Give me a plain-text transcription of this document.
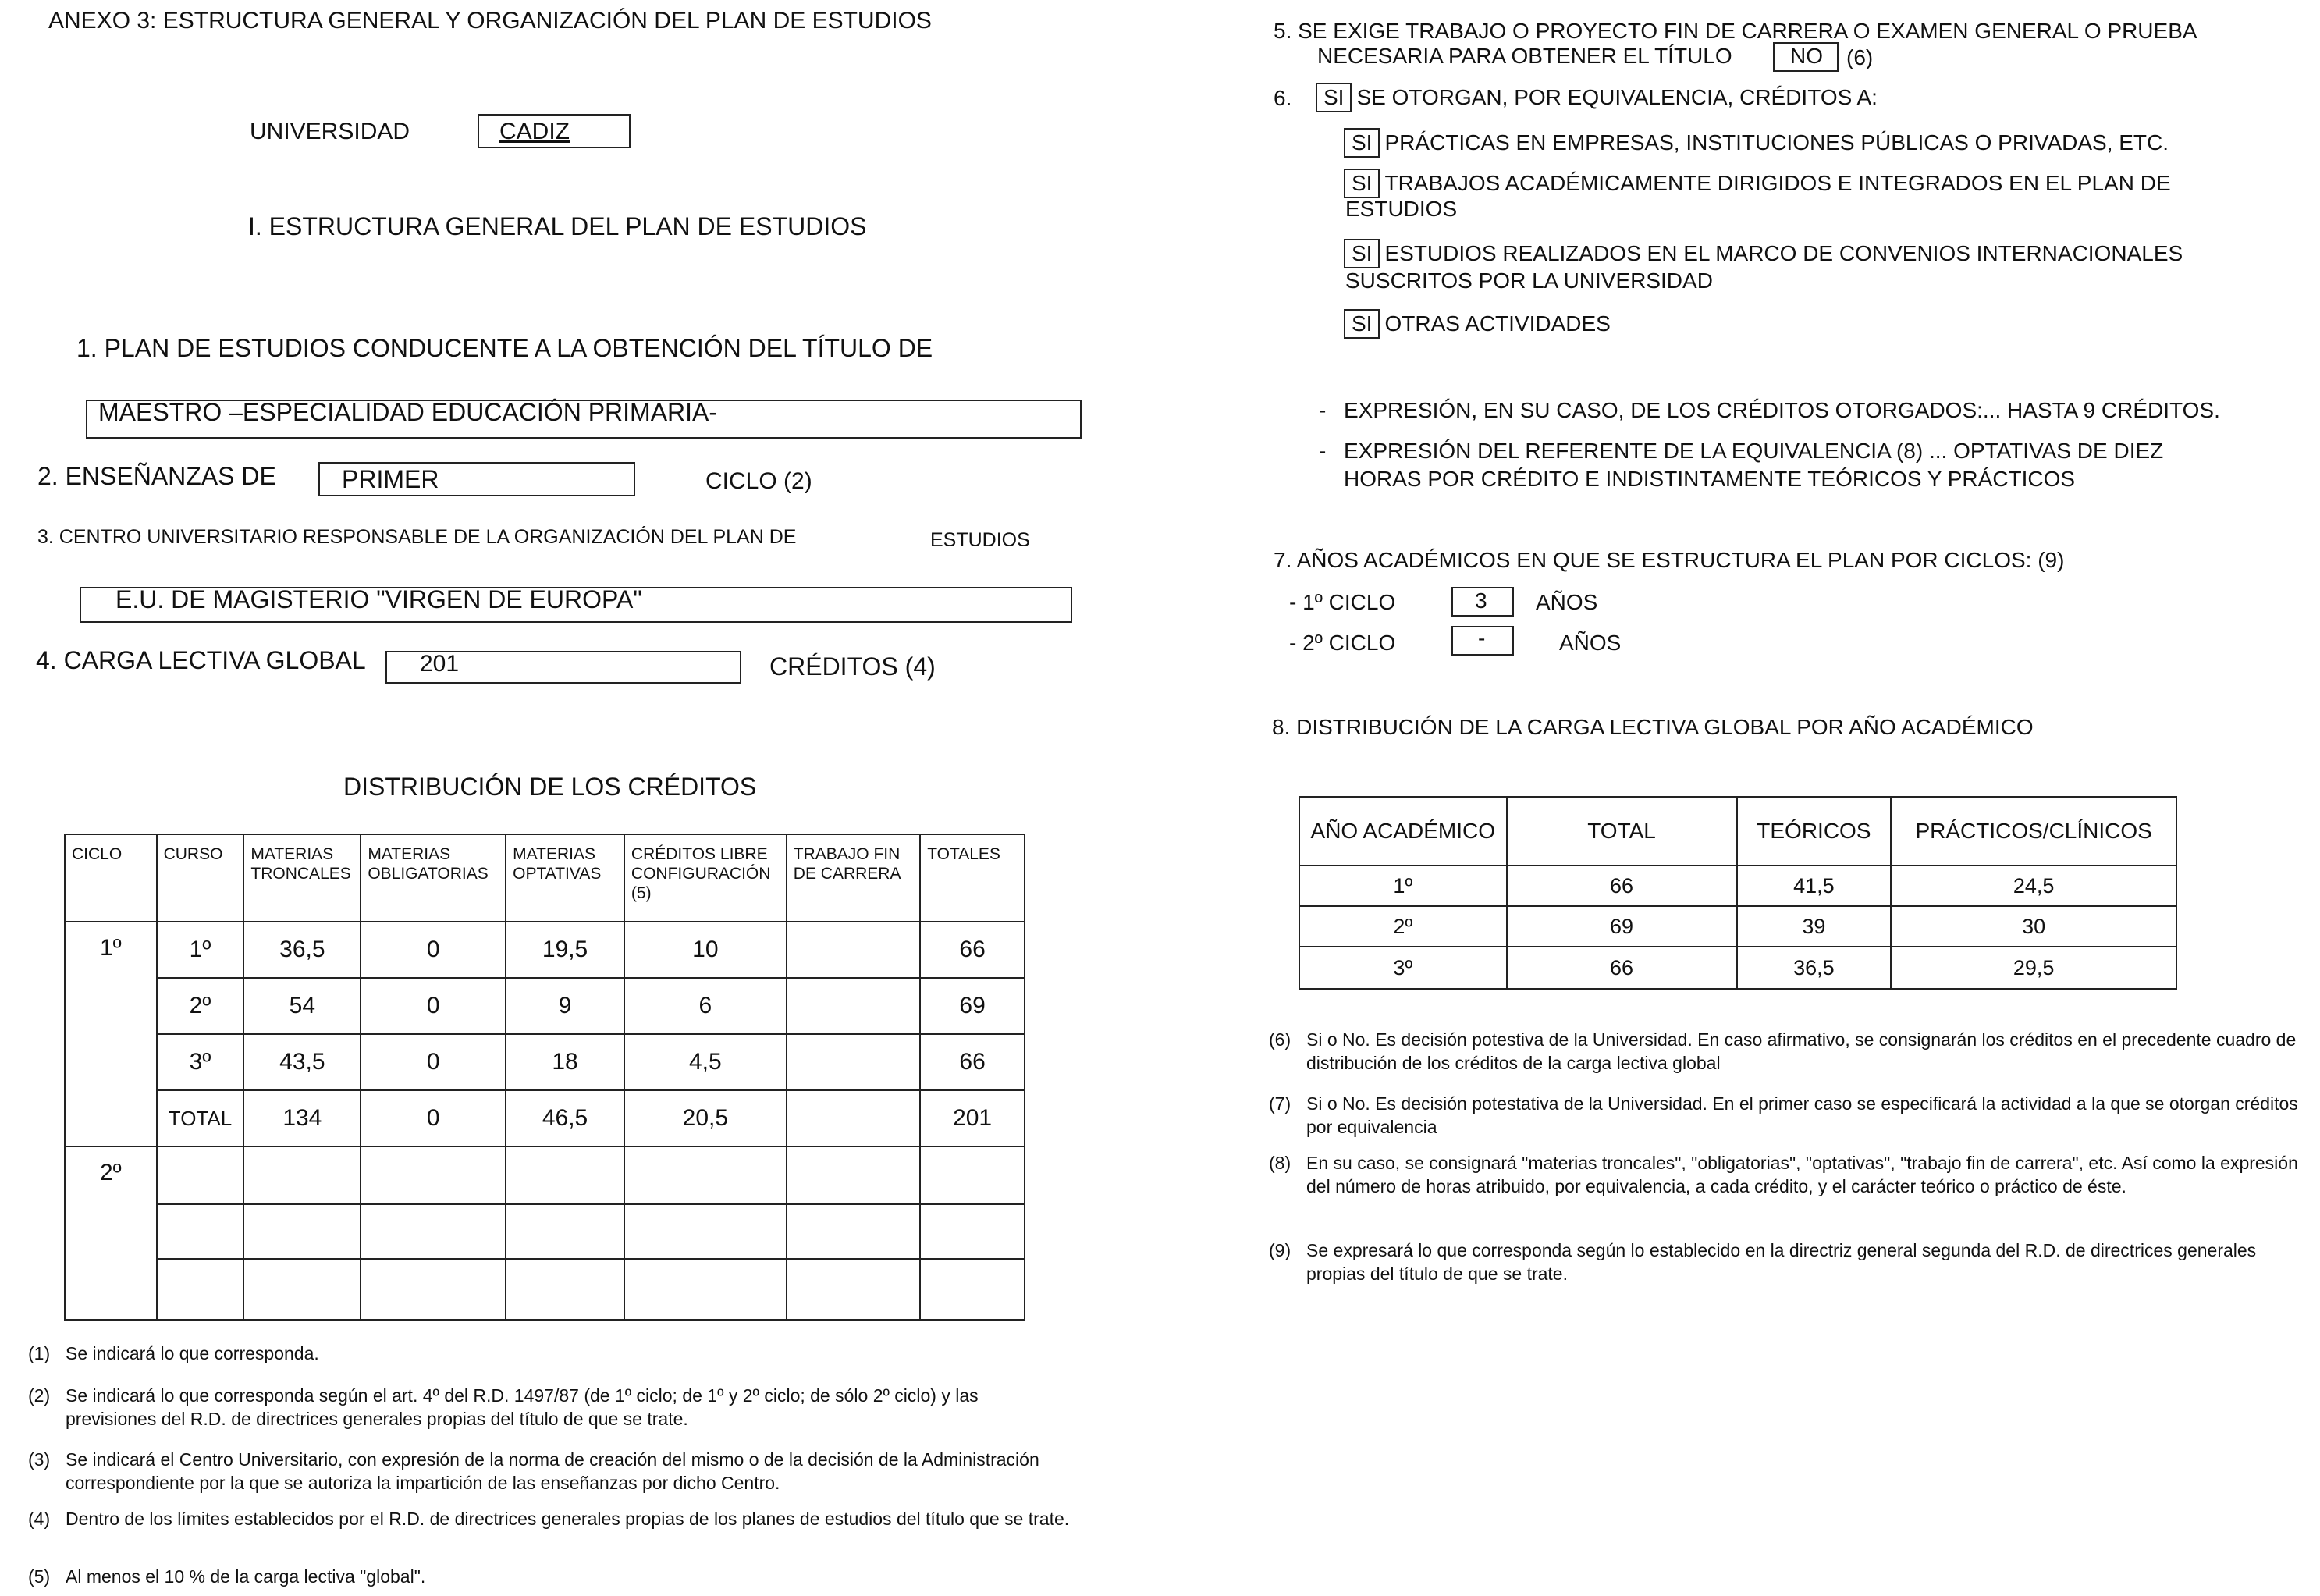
ANEXO 3: ESTRUCTURA GENERAL Y ORGANIZACIÓN DEL PLAN DE ESTUDIOS
UNIVERSIDAD	CADIZ
I. ESTRUCTURA GENERAL DEL PLAN DE ESTUDIOS
1. PLAN DE ESTUDIOS CONDUCENTE A LA OBTENCIÓN DEL TÍTULO DE
MAESTRO –ESPECIALIDAD EDUCACIÓN PRIMARIA-
2. ENSEÑANZAS DE	PRIMER	CICLO (2)
3. CENTRO UNIVERSITARIO RESPONSABLE DE LA ORGANIZACIÓN DEL PLAN DE	ESTUDIOS
E.U. DE MAGISTERIO "VIRGEN DE EUROPA"
4. CARGA LECTIVA GLOBAL 201	CRÉDITOS (4)
DISTRIBUCIÓN DE LOS CRÉDITOS
CICLO	CURSO	MATERIAS TRONCALES	MATERIAS OBLIGATORIAS	MATERIAS OPTATIVAS	CRÉDITOS LIBRE CONFIGURACIÓN (5)	TRABAJO FIN DE CARRERA	TOTALES
1º	1º	36,5	0	19,5	10		66
	2º	54	0	9	6		69
	3º	43,5	0	18	4,5		66
	TOTAL	134	0	46,5	20,5		201
2º							

(1) Se indicará lo que corresponda.
(2) Se indicará lo que corresponda según el art. 4º del R.D. 1497/87 (de 1º ciclo; de 1º y 2º ciclo; de sólo 2º ciclo) y las previsiones del R.D. de directrices generales propias del título de que se trate.
(3) Se indicará el Centro Universitario, con expresión de la norma de creación del mismo o de la decisión de la Administración correspondiente por la que se autoriza la impartición de las enseñanzas por dicho Centro.
(4) Dentro de los límites establecidos por el R.D. de directrices generales propias de los planes de estudios del título que se trate.
(5) Al menos el 10 % de la carga lectiva "global".
5. SE EXIGE TRABAJO O PROYECTO FIN DE CARRERA O EXAMEN GENERAL O PRUEBA
NECESARIA PARA OBTENER EL TÍTULO	NO (6)
6.	SI SE OTORGAN, POR EQUIVALENCIA, CRÉDITOS A:
SI PRÁCTICAS EN EMPRESAS, INSTITUCIONES PÚBLICAS O PRIVADAS, ETC.
SI TRABAJOS ACADÉMICAMENTE DIRIGIDOS E INTEGRADOS EN EL PLAN DE
ESTUDIOS
SI ESTUDIOS REALIZADOS EN EL MARCO DE CONVENIOS INTERNACIONALES
SUSCRITOS POR LA UNIVERSIDAD
SI OTRAS ACTIVIDADES
- EXPRESIÓN, EN SU CASO, DE LOS CRÉDITOS OTORGADOS:... HASTA 9 CRÉDITOS.
- EXPRESIÓN DEL REFERENTE DE LA EQUIVALENCIA (8) ... OPTATIVAS DE DIEZ
HORAS POR CRÉDITO E INDISTINTAMENTE TEÓRICOS Y PRÁCTICOS
7. AÑOS ACADÉMICOS EN QUE SE ESTRUCTURA EL PLAN POR CICLOS: (9)
- 1º CICLO	3 AÑOS
- 2º CICLO	-	AÑOS
8. DISTRIBUCIÓN DE LA CARGA LECTIVA GLOBAL POR AÑO ACADÉMICO
AÑO ACADÉMICO	TOTAL	TEÓRICOS	PRÁCTICOS/CLÍNICOS
1º	66	41,5	24,5
2º	69	39	30
3º	66	36,5	29,5
(6) Si o No. Es decisión potestiva de la Universidad. En caso afirmativo, se consignarán los créditos en el precedente cuadro de distribución de los créditos de la carga lectiva global
(7) Si o No. Es decisión potestativa de la Universidad. En el primer caso se especificará la actividad a la que se otorgan créditos por equivalencia
(8) En su caso, se consignará "materias troncales", "obligatorias", "optativas", "trabajo fin de carrera", etc. Así como la expresión del número de horas atribuido, por equivalencia, a cada crédito, y el carácter teórico o práctico de éste.
(9) Se expresará lo que corresponda según lo establecido en la directriz general segunda del R.D. de directrices generales propias del título de que se trate.
